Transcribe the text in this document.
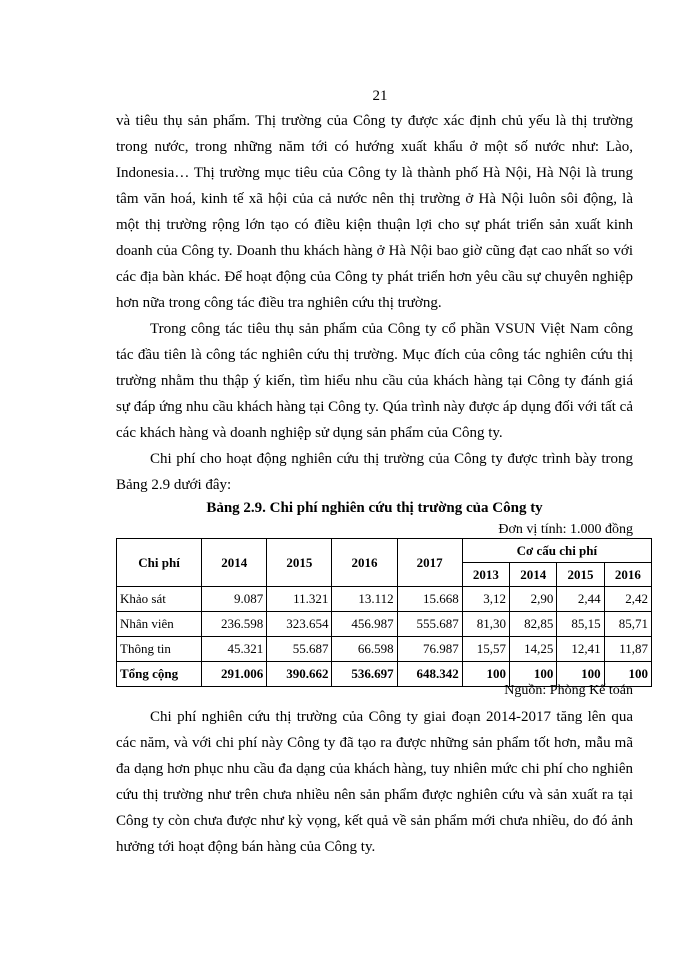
21

và tiêu thụ sản phẩm. Thị trường của Công ty được xác định chủ yếu là thị trường trong nước, trong những năm tới có hướng xuất khẩu ở một số nước như: Lào, Indonesia… Thị trường mục tiêu của Công ty là thành phố Hà Nội, Hà Nội là trung tâm văn hoá, kinh tế xã hội của cả nước nên thị trường ở Hà Nội luôn sôi động, là một thị trường rộng lớn tạo có điều kiện thuận lợi cho sự phát triển sản xuất kinh doanh của Công ty. Doanh thu khách hàng ở Hà Nội bao giờ cũng đạt cao nhất so với các địa bàn khác. Để hoạt động của Công ty phát triển hơn yêu cầu sự chuyên nghiệp hơn nữa trong công tác điều tra nghiên cứu thị trường.

Trong công tác tiêu thụ sản phẩm của Công ty cổ phần VSUN Việt Nam công tác đầu tiên là công tác nghiên cứu thị trường. Mục đích của công tác nghiên cứu thị trường nhằm thu thập ý kiến, tìm hiểu nhu cầu của khách hàng tại Công ty đánh giá sự đáp ứng nhu cầu khách hàng tại Công ty. Qúa trình này được áp dụng đối với tất cả các khách hàng và doanh nghiệp sử dụng sản phẩm của Công ty.

Chi phí cho hoạt động nghiên cứu thị trường của Công ty được trình bày trong Bảng 2.9 dưới đây:

Bảng 2.9. Chi phí nghiên cứu thị trường của Công ty
Đơn vị tính: 1.000 đồng
Chi phí	2014	2015	2016	2017	Cơ cấu chi phí			
					2013	2014	2015	2016
Khảo sát	9.087	11.321	13.112	15.668	3,12	2,90	2,44	2,42
Nhân viên	236.598	323.654	456.987	555.687	81,30	82,85	85,15	85,71
Thông tin	45.321	55.687	66.598	76.987	15,57	14,25	12,41	11,87
Tổng cộng	291.006	390.662	536.697	648.342	100	100	100	100
Nguồn: Phòng Kế toán

Chi phí nghiên cứu thị trường của Công ty giai đoạn 2014-2017 tăng lên qua các năm, và với chi phí này Công ty đã tạo ra được những sản phẩm tốt hơn, mẫu mã đa dạng hơn phục nhu cầu đa dạng của khách hàng, tuy nhiên mức chi phí cho nghiên cứu thị trường như trên chưa nhiều nên sản phẩm được nghiên cứu và sản xuất ra tại Công ty còn chưa được như kỳ vọng, kết quả về sản phẩm mới chưa nhiều, do đó ảnh hưởng tới hoạt động bán hàng của Công ty.
